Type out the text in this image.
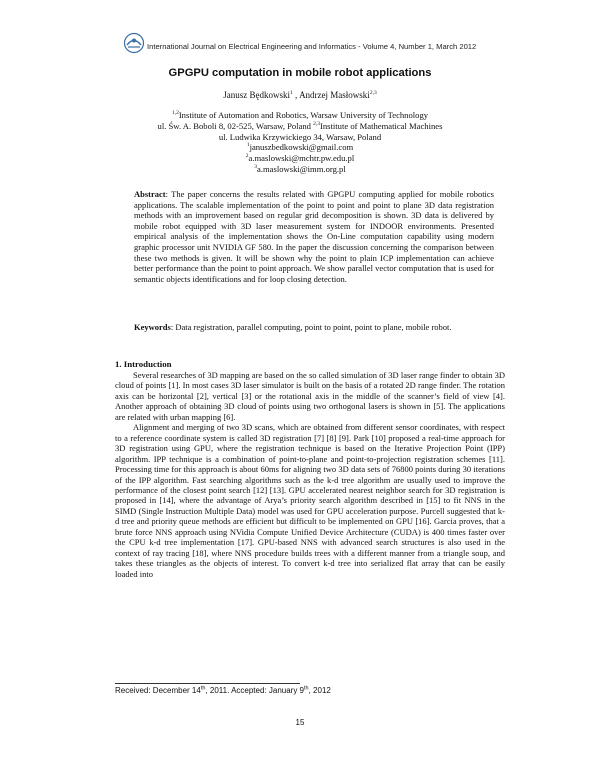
International Journal on Electrical Engineering and Informatics - Volume 4, Number 1, March 2012
GPGPU computation in mobile robot applications
Janusz Będkowski$^1$ , Andrzej Masłowski$^{2,3}$
$^{1,2}$Institute of Automation and Robotics, Warsaw University of Technology
ul. Św. A. Boboli 8, 02-525, Warsaw, Poland $^{2,3}$Institute of Mathematical Machines
ul. Ludwika Krzywickiego 34, Warsaw, Poland
$^1$januszbedkowski@gmail.com
$^2$a.maslowski@mchtr.pw.edu.pl
$^3$a.maslowski@imm.org.pl
Abstract: The paper concerns the results related with GPGPU computing applied for mobile robotics applications. The scalable implementation of the point to point and point to plane 3D data registration methods with an improvement based on regular grid decomposition is shown. 3D data is delivered by mobile robot equipped with 3D laser measurement system for INDOOR environments. Presented empirical analysis of the implementation shows the On-Line computation capability using modern graphic processor unit NVIDIA GF 580. In the paper the discussion concerning the comparison between these two methods is given. It will be shown why the point to plain ICP implementation can achieve better performance than the point to point approach. We show parallel vector computation that is used for semantic objects identifications and for loop closing detection.
Keywords: Data registration, parallel computing, point to point, point to plane, mobile robot.
1. Introduction

Several researches of 3D mapping are based on the so called simulation of 3D laser range finder to obtain 3D cloud of points [1]. In most cases 3D laser simulator is built on the basis of a rotated 2D range finder. The rotation axis can be horizontal [2], vertical [3] or the rotational axis in the middle of the scanner’s field of view [4]. Another approach of obtaining 3D cloud of points using two orthogonal lasers is shown in [5]. The applications are related with urban mapping [6].

Alignment and merging of two 3D scans, which are obtained from different sensor coordinates, with respect to a reference coordinate system is called 3D registration [7] [8] [9]. Park [10] proposed a real-time approach for 3D registration using GPU, where the registration technique is based on the Iterative Projection Point (IPP) algorithm. IPP technique is a combination of point-to-plane and point-to-projection registration schemes [11]. Processing time for this approach is about 60ms for aligning two 3D data sets of 76800 points during 30 iterations of the IPP algorithm. Fast searching algorithms such as the k-d tree algorithm are usually used to improve the performance of the closest point search [12] [13]. GPU accelerated nearest neighbor search for 3D registration is proposed in [14], where the advantage of Arya’s priority search algorithm described in [15] to fit NNS in the SIMD (Single Instruction Multiple Data) model was used for GPU acceleration purpose. Purcell suggested that k-d tree and priority queue methods are efficient but difficult to be implemented on GPU [16]. Garcia proves, that a brute force NNS approach using NVidia Compute Unified Device Architecture (CUDA) is 400 times faster over the CPU k-d tree implementation [17]. GPU-based NNS with advanced search structures is also used in the context of ray tracing [18], where NNS procedure builds trees with a different manner from a triangle soup, and takes these triangles as the objects of interest. To convert k-d tree into serialized flat array that can be easily loaded into

Received: December 14th, 2011. Accepted: January 9th, 2012
15
